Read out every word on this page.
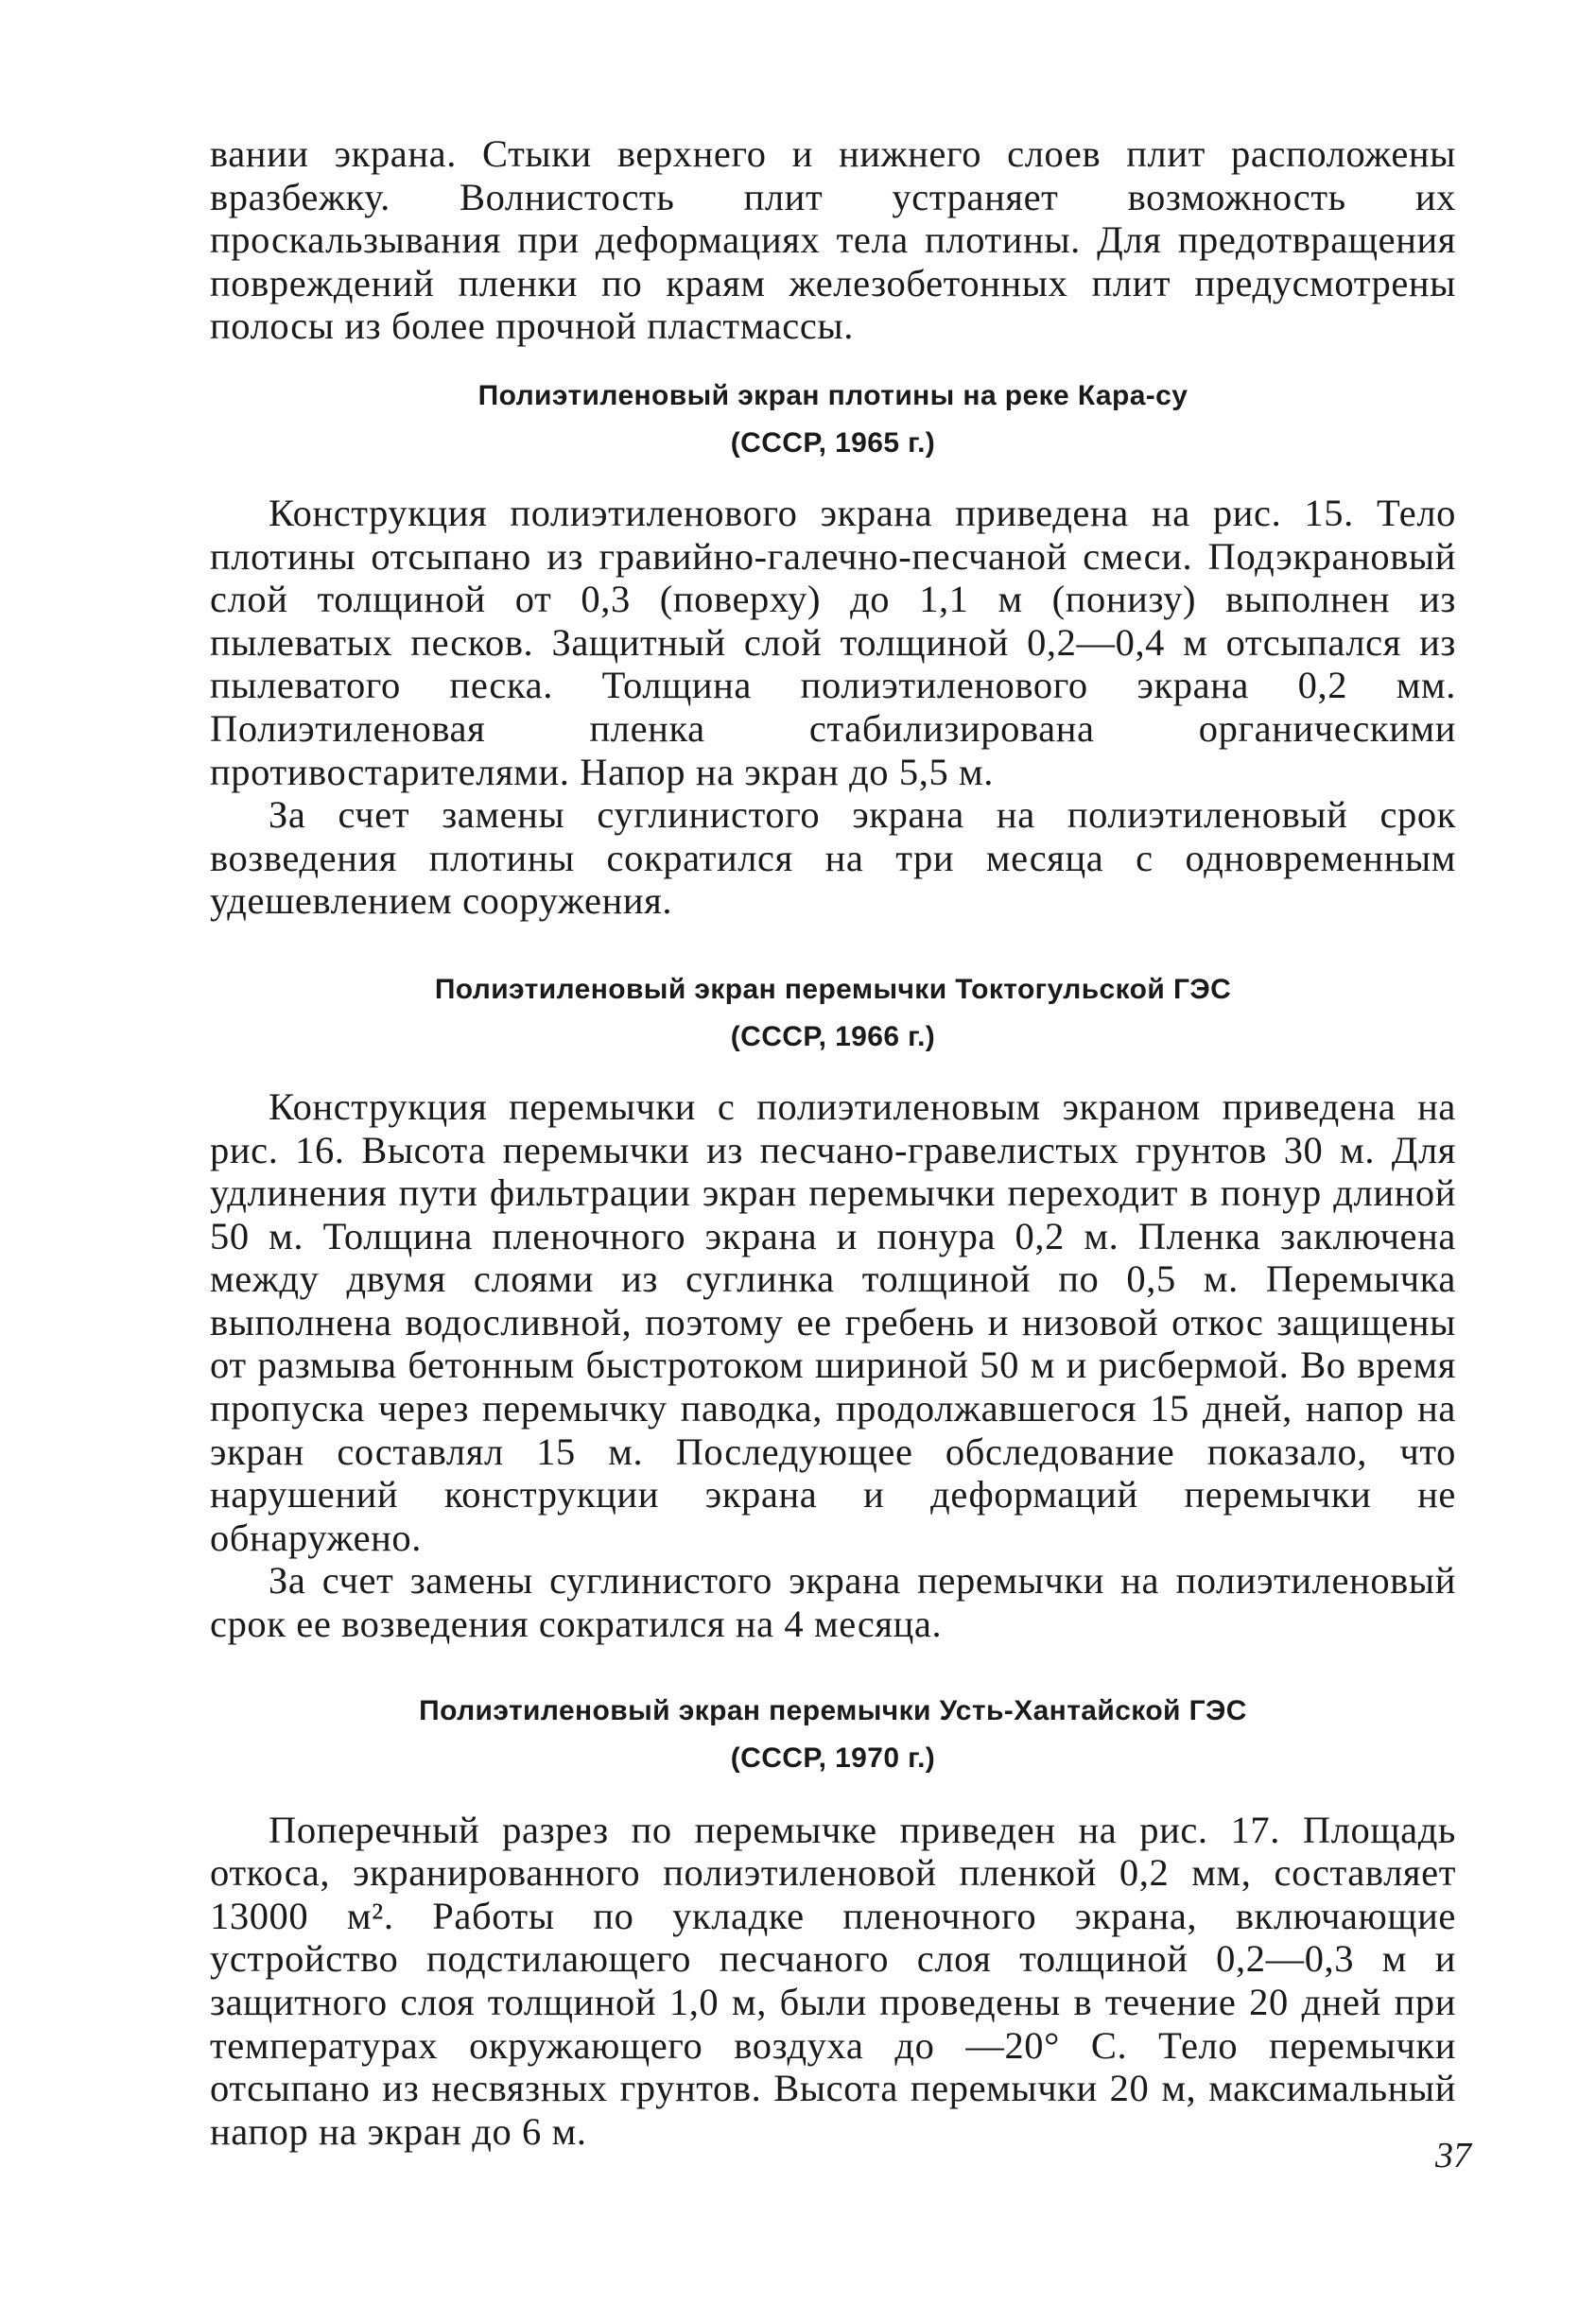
вании экрана. Стыки верхнего и нижнего слоев плит расположены вразбежку. Волнистость плит устраняет возможность их проскальзывания при деформациях тела плотины. Для предотвращения повреждений пленки по краям железобетонных плит предусмотрены полосы из более прочной пластмассы.

Полиэтиленовый экран плотины на реке Кара-су

(СССР, 1965 г.)

Конструкция полиэтиленового экрана приведена на рис. 15. Тело плотины отсыпано из гравийно-галечно-песчаной смеси. Подэкрановый слой толщиной от 0,3 (поверху) до 1,1 м (понизу) выполнен из пылеватых песков. Защитный слой толщиной 0,2—0,4 м отсыпался из пылеватого песка. Толщина полиэтиленового экрана 0,2 мм. Полиэтиленовая пленка стабилизирована органическими противостарителями. Напор на экран до 5,5 м.

За счет замены суглинистого экрана на полиэтиленовый срок возведения плотины сократился на три месяца с одновременным удешевлением сооружения.

Полиэтиленовый экран перемычки Токтогульской ГЭС

(СССР, 1966 г.)

Конструкция перемычки с полиэтиленовым экраном приведена на рис. 16. Высота перемычки из песчано-гравелистых грунтов 30 м. Для удлинения пути фильтрации экран перемычки переходит в понур длиной 50 м. Толщина пленочного экрана и понура 0,2 м. Пленка заключена между двумя слоями из суглинка толщиной по 0,5 м. Перемычка выполнена водосливной, поэтому ее гребень и низовой откос защищены от размыва бетонным быстротоком шириной 50 м и рисбермой. Во время пропуска через перемычку паводка, продолжавшегося 15 дней, напор на экран составлял 15 м. Последующее обследование показало, что нарушений конструкции экрана и деформаций перемычки не обнаружено.

За счет замены суглинистого экрана перемычки на полиэтиленовый срок ее возведения сократился на 4 месяца.

Полиэтиленовый экран перемычки Усть-Хантайской ГЭС

(СССР, 1970 г.)

Поперечный разрез по перемычке приведен на рис. 17. Площадь откоса, экранированного полиэтиленовой пленкой 0,2 мм, составляет 13000 м². Работы по укладке пленочного экрана, включающие устройство подстилающего песчаного слоя толщиной 0,2—0,3 м и защитного слоя толщиной 1,0 м, были проведены в течение 20 дней при температурах окружающего воздуха до —20° С. Тело перемычки отсыпано из несвязных грунтов. Высота перемычки 20 м, максимальный напор на экран до 6 м.

37
